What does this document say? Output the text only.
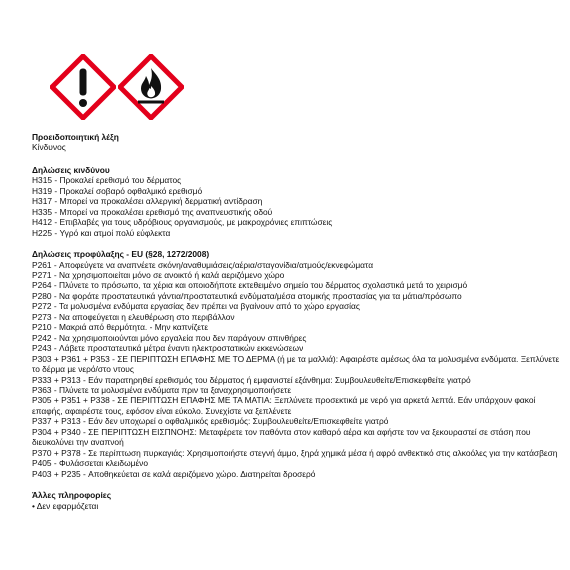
Προειδοποιητική λέξη
Κίνδυνος
Δηλώσεις κινδύνου
H315 - Προκαλεί ερεθισμό του δέρματος
H319 - Προκαλεί σοβαρό οφθαλμικό ερεθισμό
H317 - Μπορεί να προκαλέσει αλλεργική δερματική αντίδραση
H335 - Μπορεί να προκαλέσει ερεθισμό της αναπνευστικής οδού
H412 - Επιβλαβές για τους υδρόβιους οργανισμούς, με μακροχρόνιες επιπτώσεις
H225 - Υγρό και ατμοί πολύ εύφλεκτα
Δηλώσεις προφύλαξης - EU (§28, 1272/2008)
P261 - Αποφεύγετε να αναπνέετε σκόνη/αναθυμιάσεις/αέρια/σταγονίδια/ατμούς/εκνεφώματα
P271 - Να χρησιμοποιείται μόνο σε ανοικτό ή καλά αεριζόμενο χώρο
P264 - Πλύνετε το πρόσωπο, τα χέρια και οποιοδήποτε εκτεθειμένο σημείο του δέρματος σχολαστικά μετά το χειρισμό
P280 - Να φοράτε προστατευτικά γάντια/προστατευτικά ενδύματα/μέσα ατομικής προστασίας για τα μάτια/πρόσωπο
P272 - Τα μολυσμένα ενδύματα εργασίας δεν πρέπει να βγαίνουν από το χώρο εργασίας
P273 - Να αποφεύγεται η ελευθέρωση στο περιβάλλον
P210 - Μακριά από θερμότητα. - Μην καπνίζετε
P242 - Να χρησιμοποιούνται μόνο εργαλεία που δεν παράγουν σπινθήρες
P243 - Λάβετε προστατευτικά μέτρα έναντι ηλεκτροστατικών εκκενώσεων
P303 + P361 + P353 - ΣΕ ΠΕΡΙΠΤΩΣΗ ΕΠΑΦΗΣ ΜΕ ΤΟ ΔΕΡΜΑ (ή με τα μαλλιά): Αφαιρέστε αμέσως όλα τα μολυσμένα ενδύματα. Ξεπλύνετε το δέρμα με νερό/στο ντους
P333 + P313 - Εάν παρατηρηθεί ερεθισμός του δέρματος ή εμφανιστεί εξάνθημα: Συμβουλευθείτε/Επισκεφθείτε γιατρό
P363 - Πλύνετε τα μολυσμένα ενδύματα πριν τα ξαναχρησιμοποιήσετε
P305 + P351 + P338 - ΣΕ ΠΕΡΙΠΤΩΣΗ ΕΠΑΦΗΣ ΜΕ ΤΑ ΜΑΤΙΑ: Ξεπλύνετε προσεκτικά με νερό για αρκετά λεπτά. Εάν υπάρχουν φακοί επαφής, αφαιρέστε τους, εφόσον είναι εύκολο. Συνεχίστε να ξεπλένετε
P337 + P313 - Εάν δεν υποχωρεί ο οφθαλμικός ερεθισμός: Συμβουλευθείτε/Επισκεφθείτε γιατρό
P304 + P340 - ΣΕ ΠΕΡΙΠΤΩΣΗ ΕΙΣΠΝΟΗΣ: Μεταφέρετε τον παθόντα στον καθαρό αέρα και αφήστε τον να ξεκουραστεί σε στάση που διευκολύνει την αναπνοή
P370 + P378 - Σε περίπτωση πυρκαγιάς: Χρησιμοποιήστε στεγνή άμμο, ξηρά χημικά μέσα ή αφρό ανθεκτικό στις αλκοόλες για την κατάσβεση
P405 - Φυλάσσεται κλειδωμένο
P403 + P235 - Αποθηκεύεται σε καλά αεριζόμενο χώρο. Διατηρείται δροσερό
Άλλες πληροφορίες
• Δεν εφαρμόζεται
